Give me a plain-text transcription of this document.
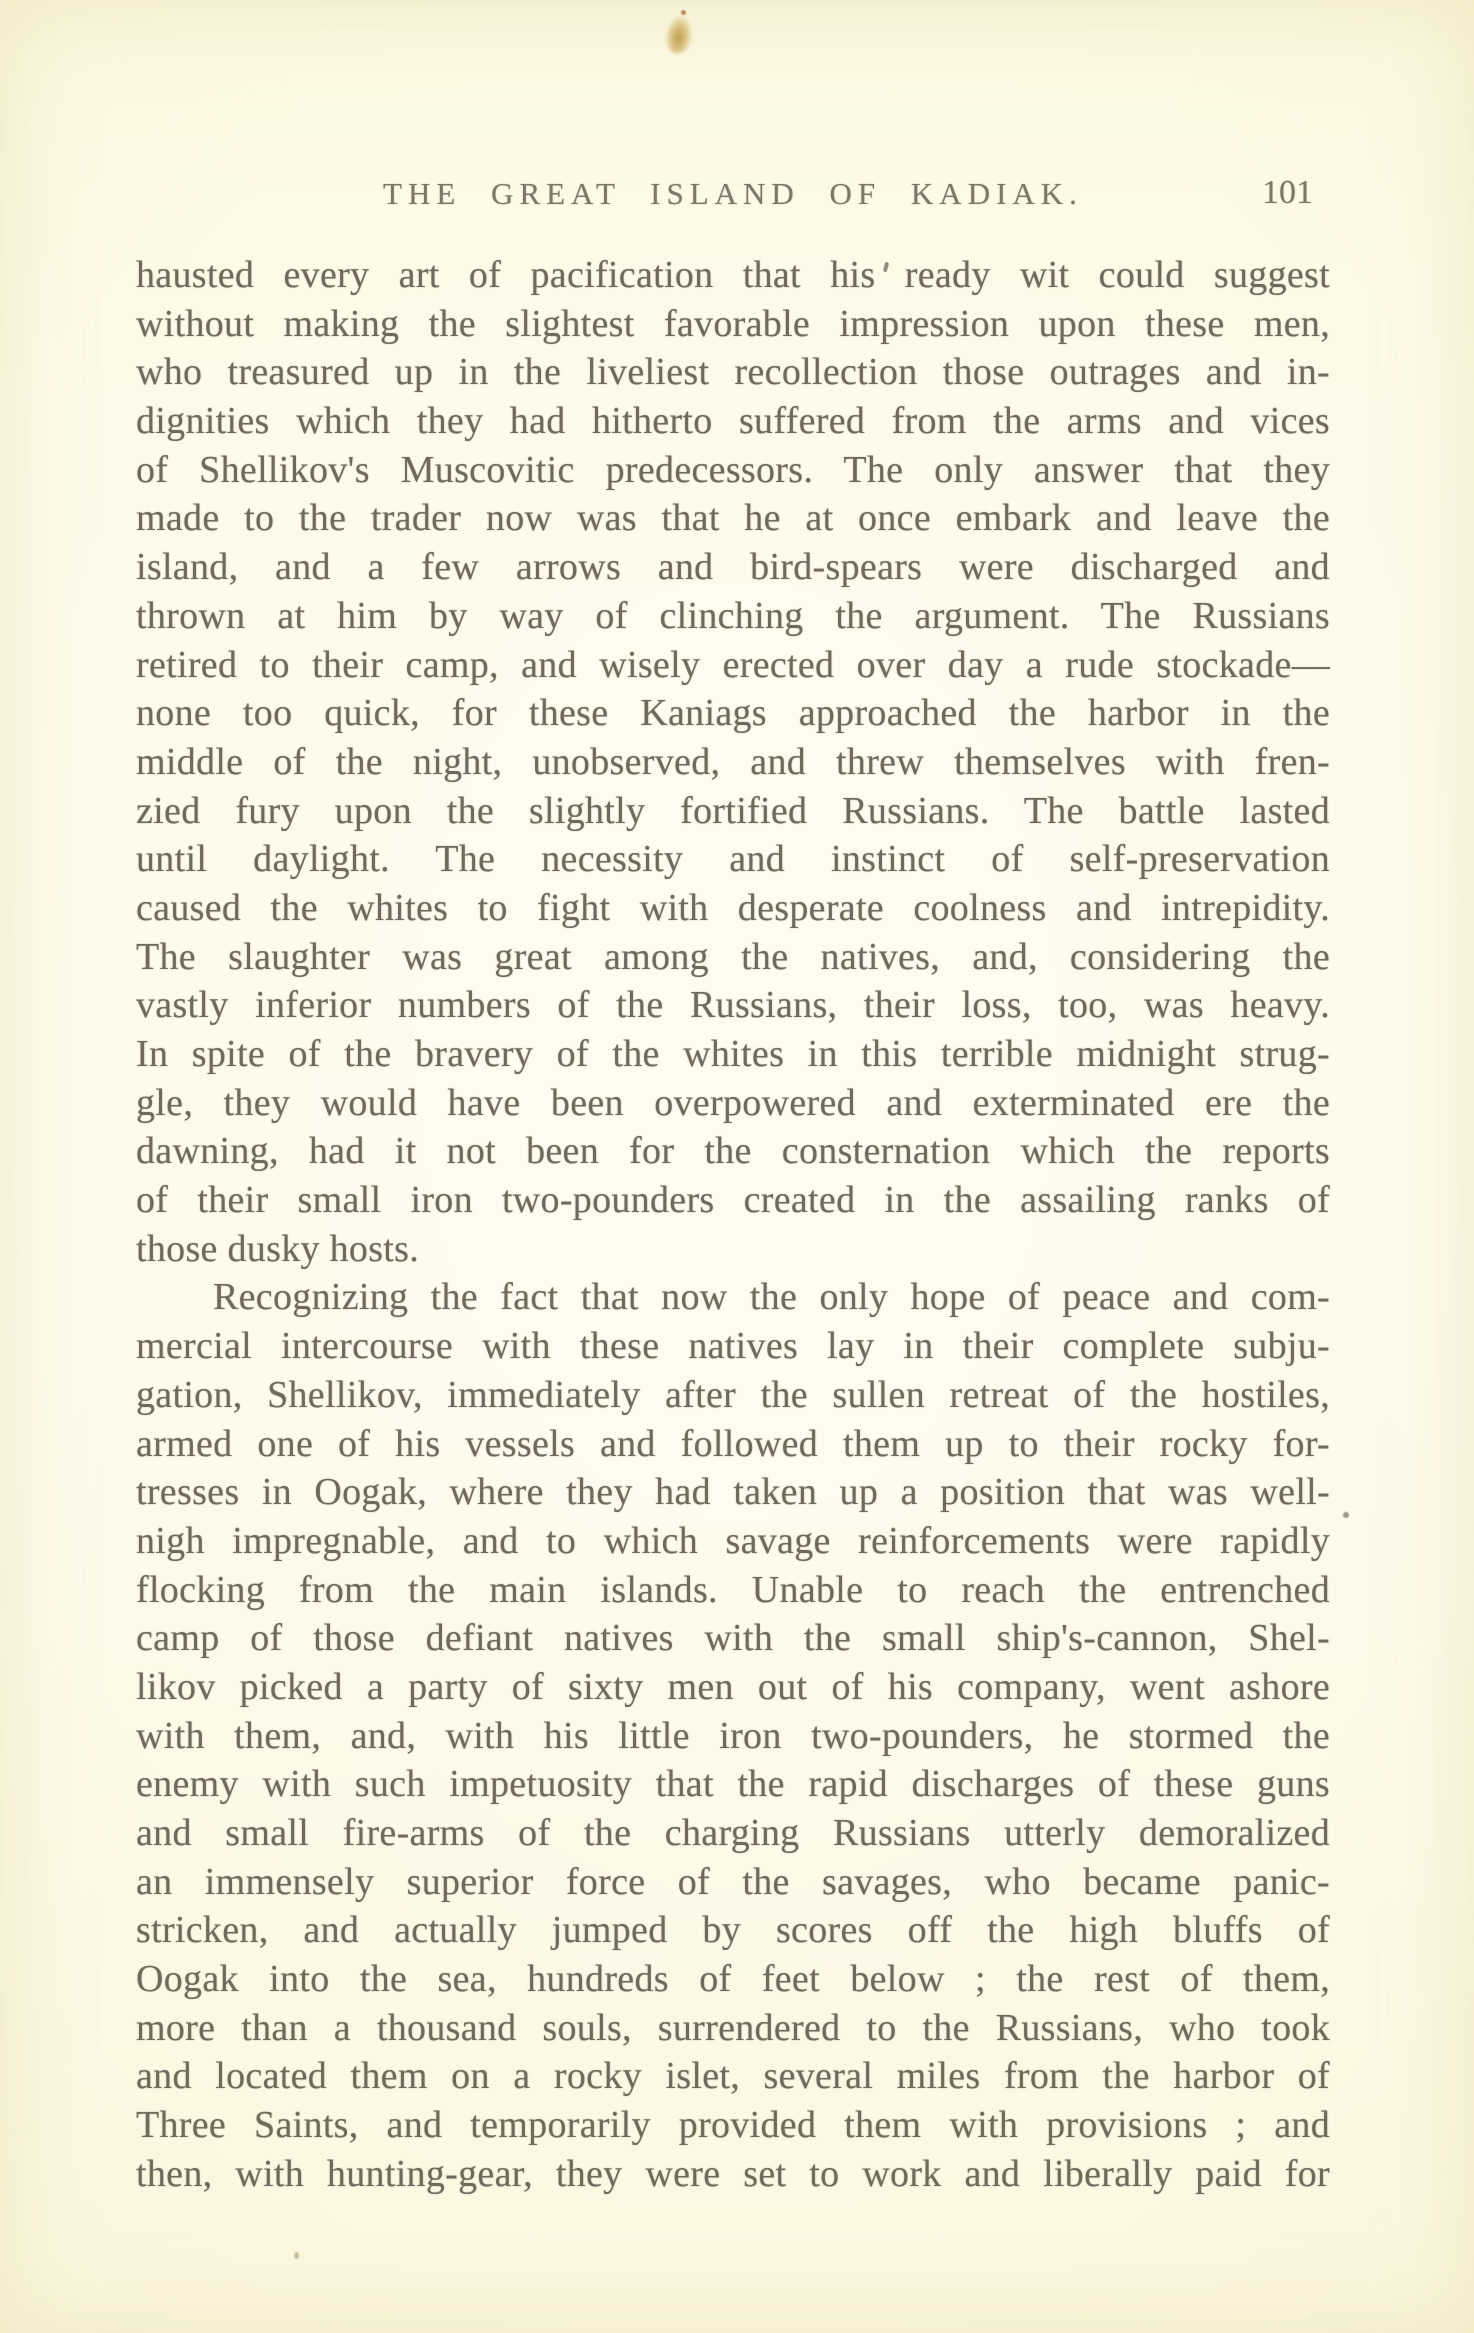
THE GREAT ISLAND OF KADIAK.	101
hausted every art of pacification that his ready wit could suggest
without making the slightest favorable impression upon these men,
who treasured up in the liveliest recollection those outrages and in-
dignities which they had hitherto suffered from the arms and vices
of Shellikov's Muscovitic predecessors. The only answer that they
made to the trader now was that he at once embark and leave the
island, and a few arrows and bird-spears were discharged and
thrown at him by way of clinching the argument. The Russians
retired to their camp, and wisely erected over day a rude stockade—
none too quick, for these Kaniags approached the harbor in the
middle of the night, unobserved, and threw themselves with fren-
zied fury upon the slightly fortified Russians. The battle lasted
until daylight. The necessity and instinct of self-preservation
caused the whites to fight with desperate coolness and intrepidity.
The slaughter was great among the natives, and, considering the
vastly inferior numbers of the Russians, their loss, too, was heavy.
In spite of the bravery of the whites in this terrible midnight strug-
gle, they would have been overpowered and exterminated ere the
dawning, had it not been for the consternation which the reports
of their small iron two-pounders created in the assailing ranks of
those dusky hosts.
Recognizing the fact that now the only hope of peace and com-
mercial intercourse with these natives lay in their complete subju-
gation, Shellikov, immediately after the sullen retreat of the hostiles,
armed one of his vessels and followed them up to their rocky for-
tresses in Oogak, where they had taken up a position that was well-
nigh impregnable, and to which savage reinforcements were rapidly
flocking from the main islands. Unable to reach the entrenched
camp of those defiant natives with the small ship's-cannon, Shel-
likov picked a party of sixty men out of his company, went ashore
with them, and, with his little iron two-pounders, he stormed the
enemy with such impetuosity that the rapid discharges of these guns
and small fire-arms of the charging Russians utterly demoralized
an immensely superior force of the savages, who became panic-
stricken, and actually jumped by scores off the high bluffs of
Oogak into the sea, hundreds of feet below ; the rest of them,
more than a thousand souls, surrendered to the Russians, who took
and located them on a rocky islet, several miles from the harbor of
Three Saints, and temporarily provided them with provisions ; and
then, with hunting-gear, they were set to work and liberally paid for
